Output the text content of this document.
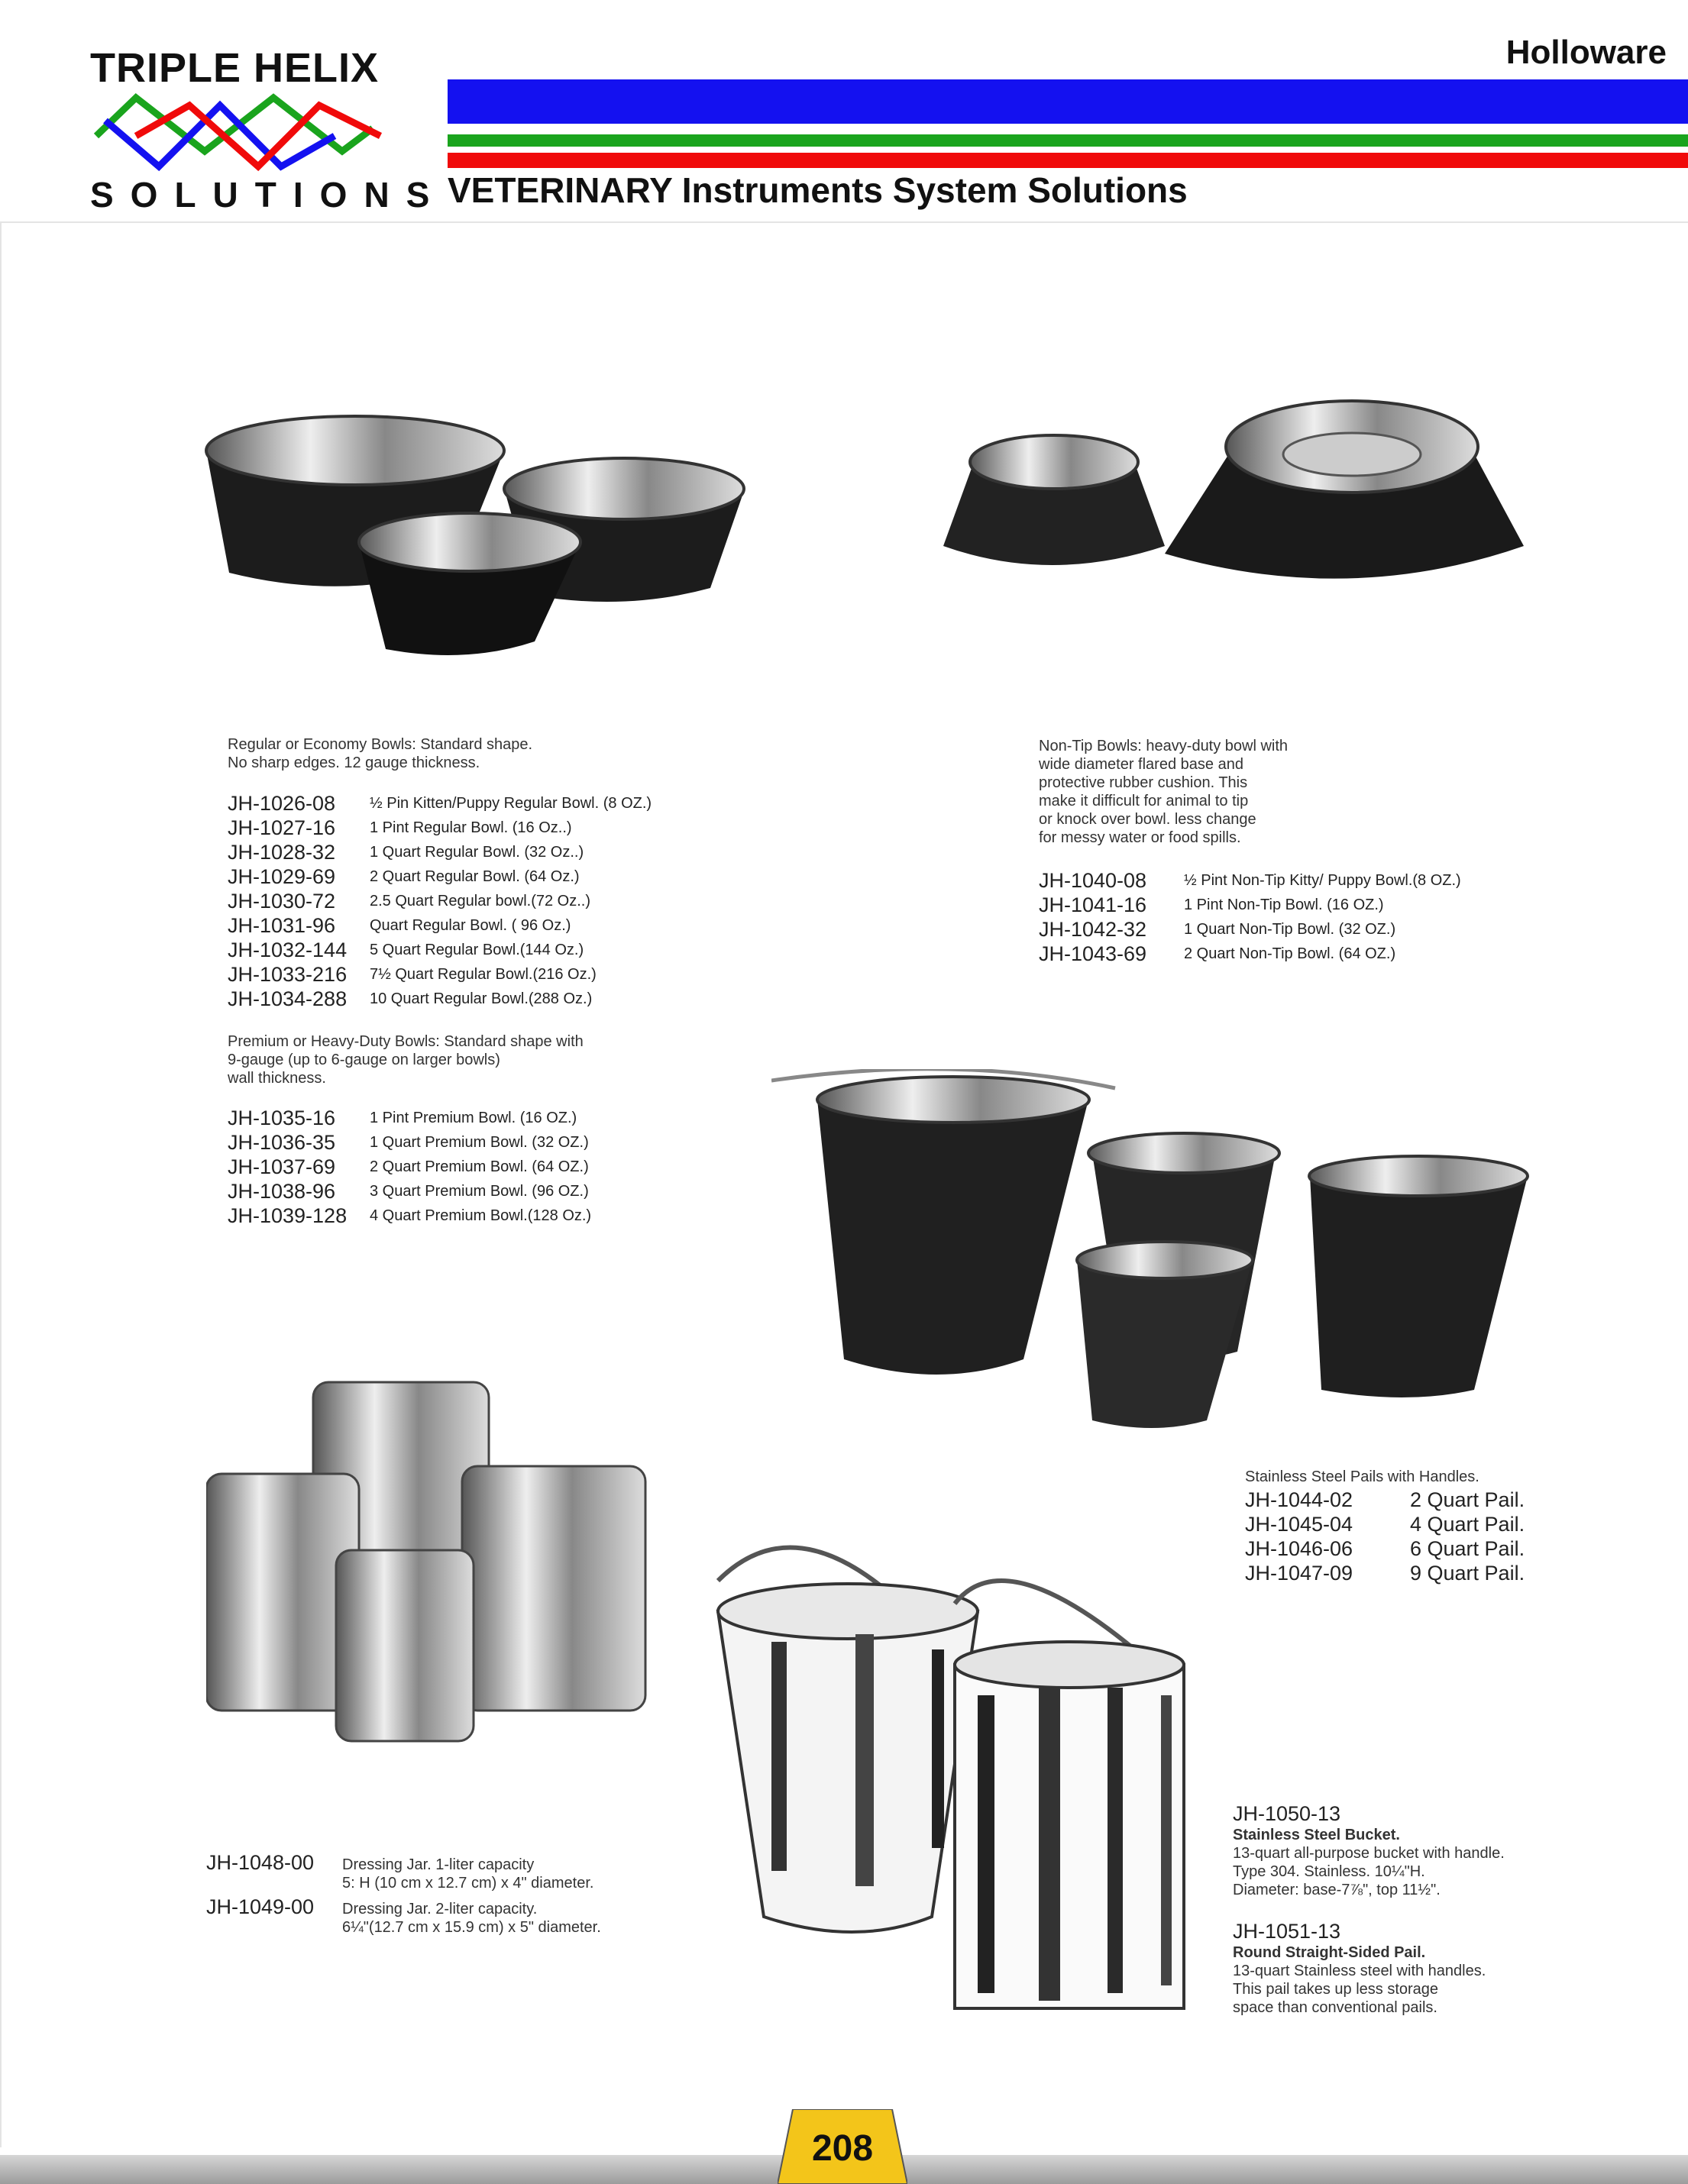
TRIPLE HELIX
SOLUTIONS
Holloware
VETERINARY Instruments System Solutions
Regular or Economy Bowls: Standard shape.
No sharp edges. 12 gauge thickness.
JH-1026-08	½ Pin Kitten/Puppy Regular Bowl. (8 OZ.)
JH-1027-16	1 Pint Regular Bowl. (16 Oz..)
JH-1028-32	1 Quart Regular Bowl. (32 Oz..)
JH-1029-69	2 Quart Regular Bowl. (64 Oz.)
JH-1030-72	2.5 Quart Regular bowl.(72 Oz..)
JH-1031-96	Quart Regular Bowl. ( 96 Oz.)
JH-1032-144	5 Quart Regular Bowl.(144 Oz.)
JH-1033-216	7½ Quart Regular Bowl.(216 Oz.)
JH-1034-288	10 Quart Regular Bowl.(288 Oz.)
Premium or Heavy-Duty Bowls: Standard shape with
9-gauge (up to 6-gauge on larger bowls)
wall thickness.
JH-1035-16	1 Pint Premium Bowl. (16 OZ.)
JH-1036-35	1 Quart Premium Bowl. (32 OZ.)
JH-1037-69	2 Quart Premium Bowl. (64 OZ.)
JH-1038-96	3 Quart Premium Bowl. (96 OZ.)
JH-1039-128	4 Quart Premium Bowl.(128 Oz.)
Non-Tip Bowls: heavy-duty bowl with
wide diameter flared base and
protective rubber cushion. This
make it difficult for animal to tip
or knock over bowl. less change
for messy water or food spills.
JH-1040-08	½ Pint Non-Tip Kitty/ Puppy Bowl.(8 OZ.)
JH-1041-16	1 Pint Non-Tip Bowl. (16 OZ.)
JH-1042-32	1 Quart Non-Tip Bowl. (32 OZ.)
JH-1043-69	2 Quart Non-Tip Bowl. (64 OZ.)
Stainless Steel Pails with Handles.
JH-1044-02	2 Quart Pail.
JH-1045-04	4 Quart Pail.
JH-1046-06	6 Quart Pail.
JH-1047-09	9 Quart Pail.
JH-1048-00	Dressing Jar. 1-liter capacity
5: H (10 cm x 12.7 cm) x 4" diameter.
JH-1049-00	Dressing Jar. 2-liter capacity.
6¼"(12.7 cm x 15.9 cm) x 5" diameter.
JH-1050-13
Stainless Steel Bucket.
13-quart all-purpose bucket with handle.
Type 304. Stainless. 10¼"H.
Diameter: base-7⅞", top 11½".
JH-1051-13
Round Straight-Sided Pail.
13-quart Stainless steel with handles.
This pail takes up less storage
space than conventional pails.
208
